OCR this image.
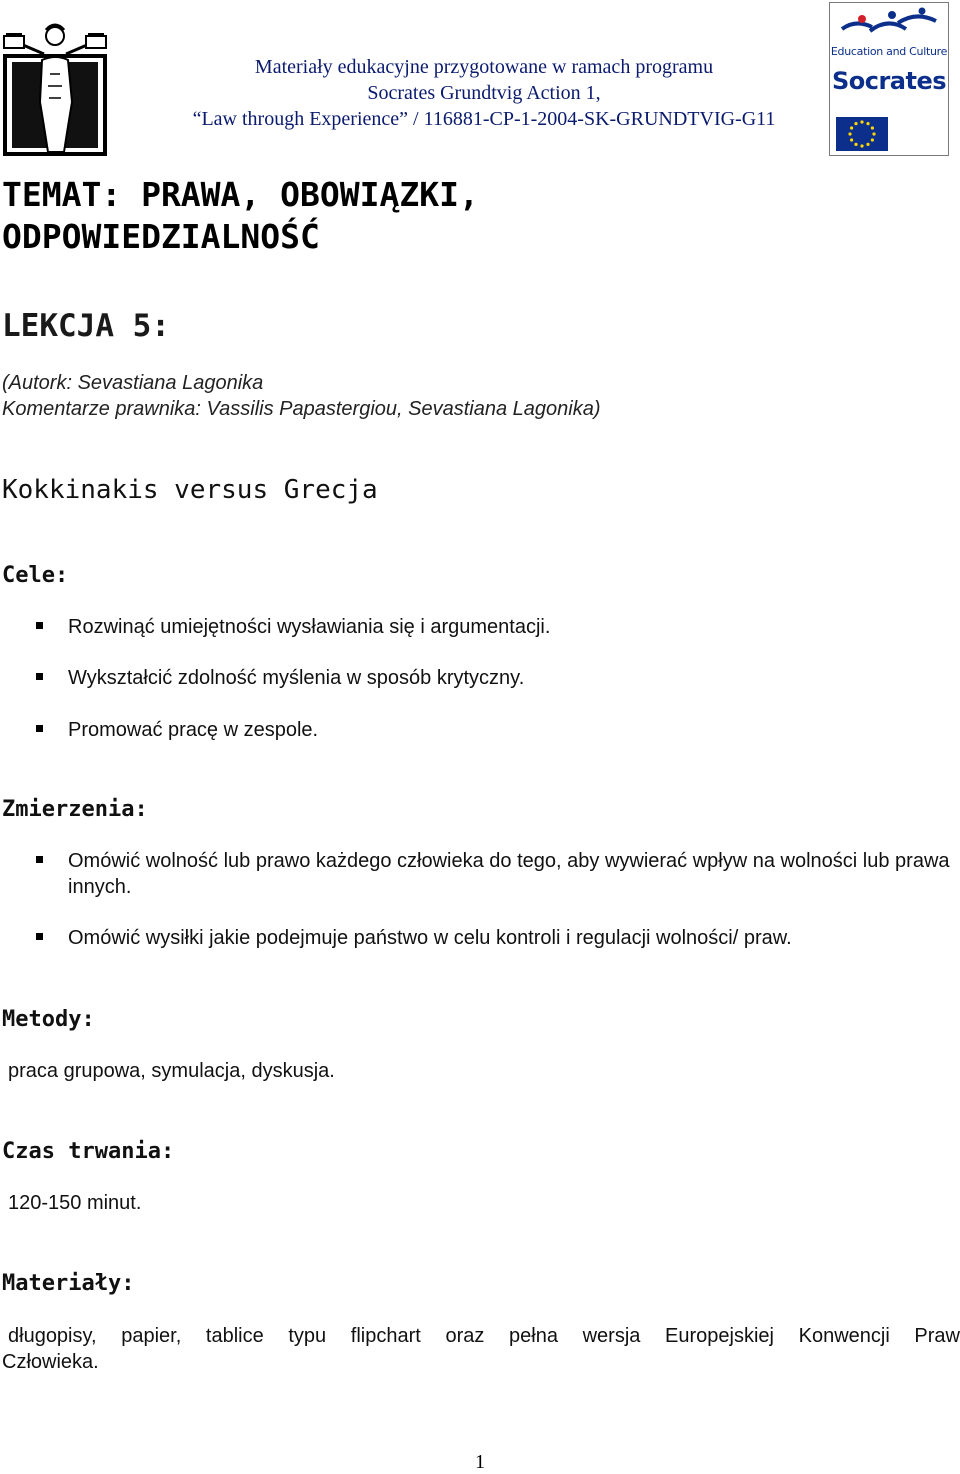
Materiały edukacyjne przygotowane w ramach programu
Socrates Grundtvig Action 1,
“Law through Experience” / 116881-CP-1-2004-SK-GRUNDTVIG-G11
Education and Culture
Socrates
TEMAT: PRAWA, OBOWIĄZKI,
ODPOWIEDZIALNOŚĆ
LEKCJA 5:
(Autork: Sevastiana Lagonika
Komentarze prawnika: Vassilis Papastergiou, Sevastiana Lagonika)
Kokkinakis versus Grecja
Cele:
Rozwinąć umiejętności wysławiania się i argumentacji.
Wykształcić zdolność myślenia w sposób krytyczny.
Promować pracę w zespole.
Zmierzenia:
Omówić wolność lub prawo każdego człowieka do tego, aby wywierać wpływ na wolności lub prawa innych.
Omówić wysiłki jakie podejmuje państwo w celu kontroli i regulacji wolności/ praw.
Metody:
praca grupowa, symulacja, dyskusja.
Czas trwania:
120-150 minut.
Materiały:
długopisy, papier, tablice typu flipchart oraz pełna wersja Europejskiej Konwencji Praw
Człowieka.
1
